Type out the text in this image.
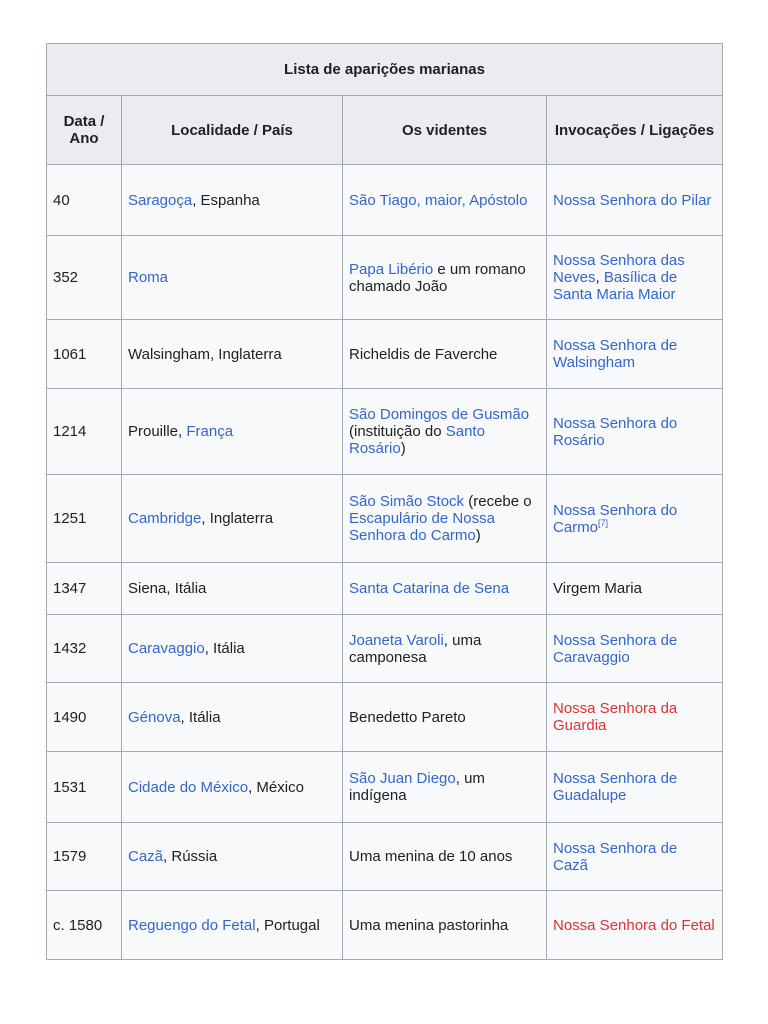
Lista de aparições marianas
Data / Ano	Localidade / País	Os videntes	Invocações / Ligações
40	Saragoça, Espanha	São Tiago, maior, Apóstolo	Nossa Senhora do Pilar
352	Roma	Papa Libério e um romano chamado João	Nossa Senhora das Neves, Basílica de Santa Maria Maior
1061	Walsingham, Inglaterra	Richeldis de Faverche	Nossa Senhora de Walsingham
1214	Prouille, França	São Domingos de Gusmão (instituição do Santo Rosário)	Nossa Senhora do Rosário
1251	Cambridge, Inglaterra	São Simão Stock (recebe o Escapulário de Nossa Senhora do Carmo)	Nossa Senhora do Carmo[7]
1347	Siena, Itália	Santa Catarina de Sena	Virgem Maria
1432	Caravaggio, Itália	Joaneta Varoli, uma camponesa	Nossa Senhora de Caravaggio
1490	Génova, Itália	Benedetto Pareto	Nossa Senhora da Guardia
1531	Cidade do México, México	São Juan Diego, um indígena	Nossa Senhora de Guadalupe
1579	Cazã, Rússia	Uma menina de 10 anos	Nossa Senhora de Cazã
c. 1580	Reguengo do Fetal, Portugal	Uma menina pastorinha	Nossa Senhora do Fetal
